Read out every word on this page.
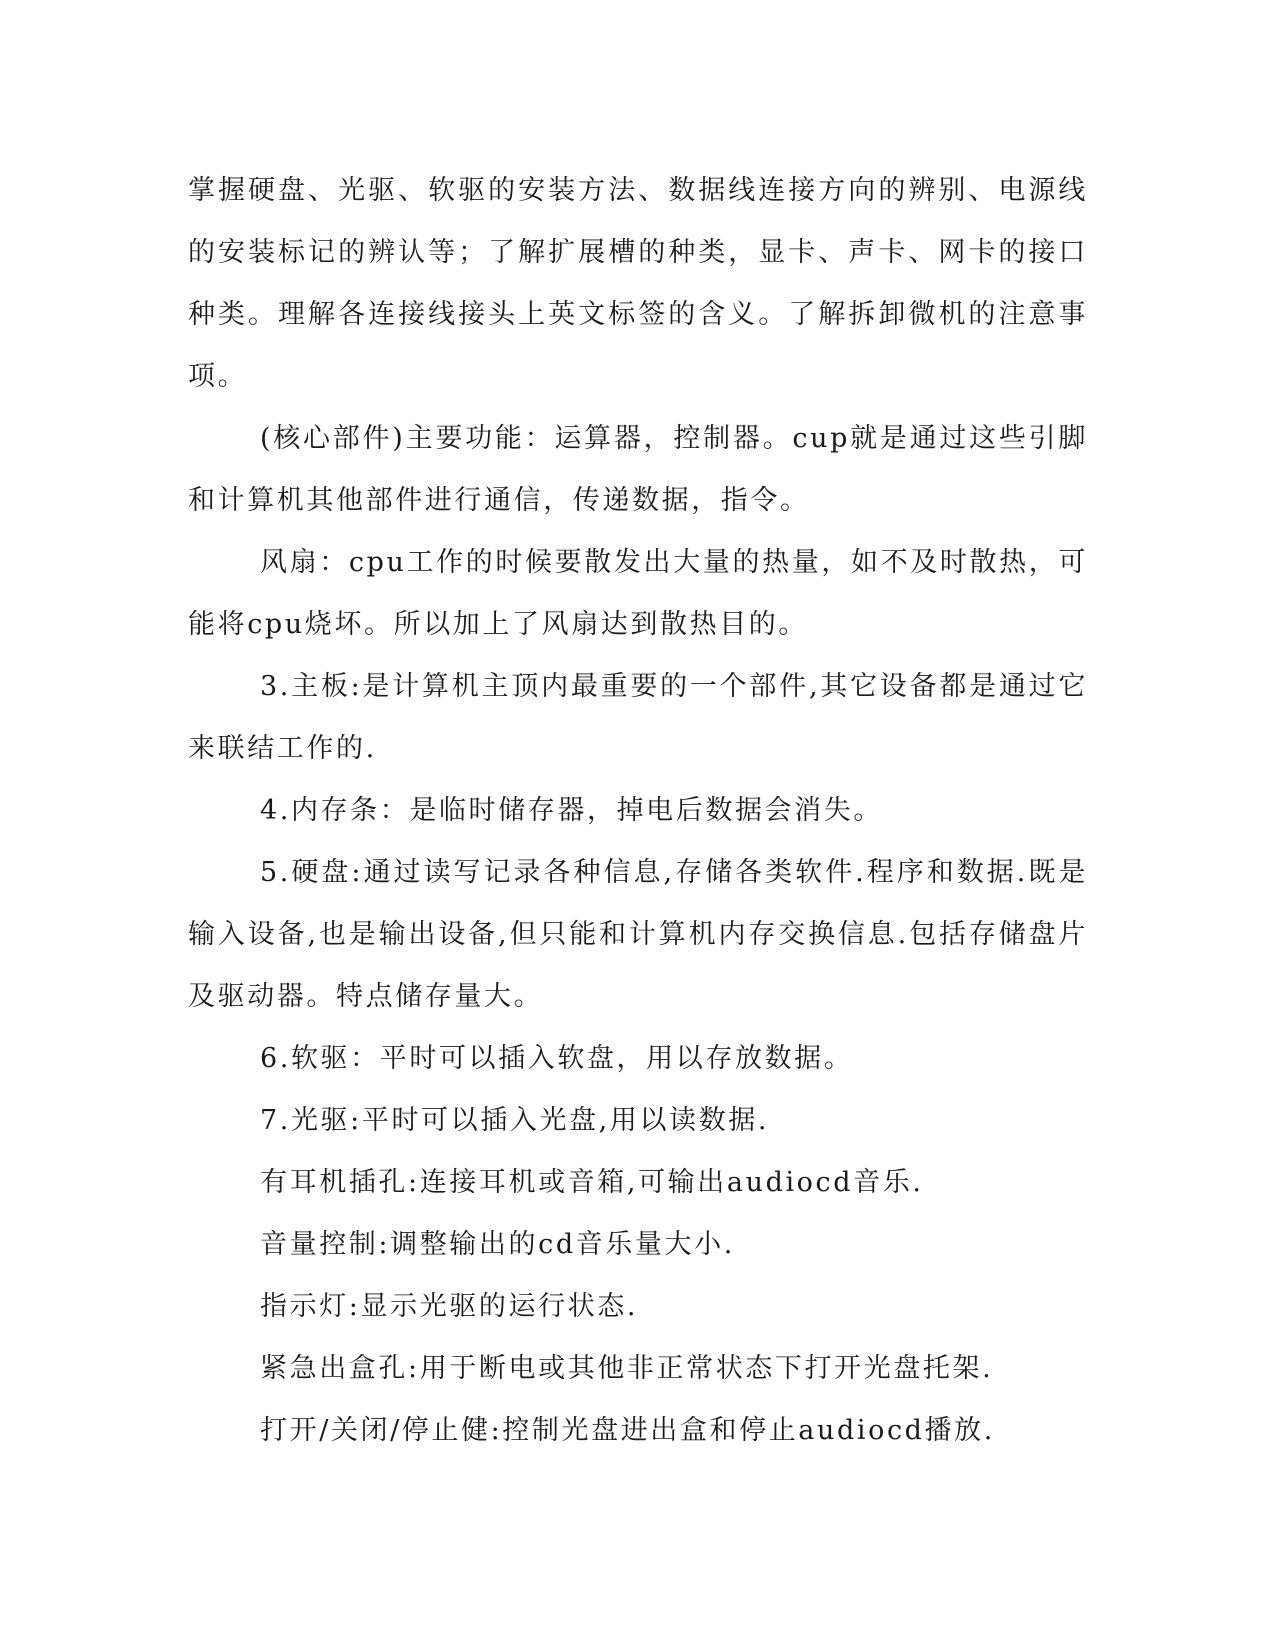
掌握硬盘、光驱、软驱的安装方法、数据线连接方向的辨别、电源线的安装标记的辨认等；了解扩展槽的种类，显卡、声卡、网卡的接口种类。理解各连接线接头上英文标签的含义。了解拆卸微机的注意事项。

(核心部件)主要功能：运算器，控制器。cup就是通过这些引脚和计算机其他部件进行通信，传递数据，指令。

风扇：cpu工作的时候要散发出大量的热量，如不及时散热，可能将cpu烧坏。所以加上了风扇达到散热目的。

3.主板:是计算机主顶内最重要的一个部件,其它设备都是通过它来联结工作的.

4.内存条：是临时储存器，掉电后数据会消失。

5.硬盘:通过读写记录各种信息,存储各类软件.程序和数据.既是输入设备,也是输出设备,但只能和计算机内存交换信息.包括存储盘片及驱动器。特点储存量大。

6.软驱：平时可以插入软盘，用以存放数据。

7.光驱:平时可以插入光盘,用以读数据.

有耳机插孔:连接耳机或音箱,可输出audiocd音乐.

音量控制:调整输出的cd音乐量大小.

指示灯:显示光驱的运行状态.

紧急出盒孔:用于断电或其他非正常状态下打开光盘托架.

打开/关闭/停止健:控制光盘进出盒和停止audiocd播放.
